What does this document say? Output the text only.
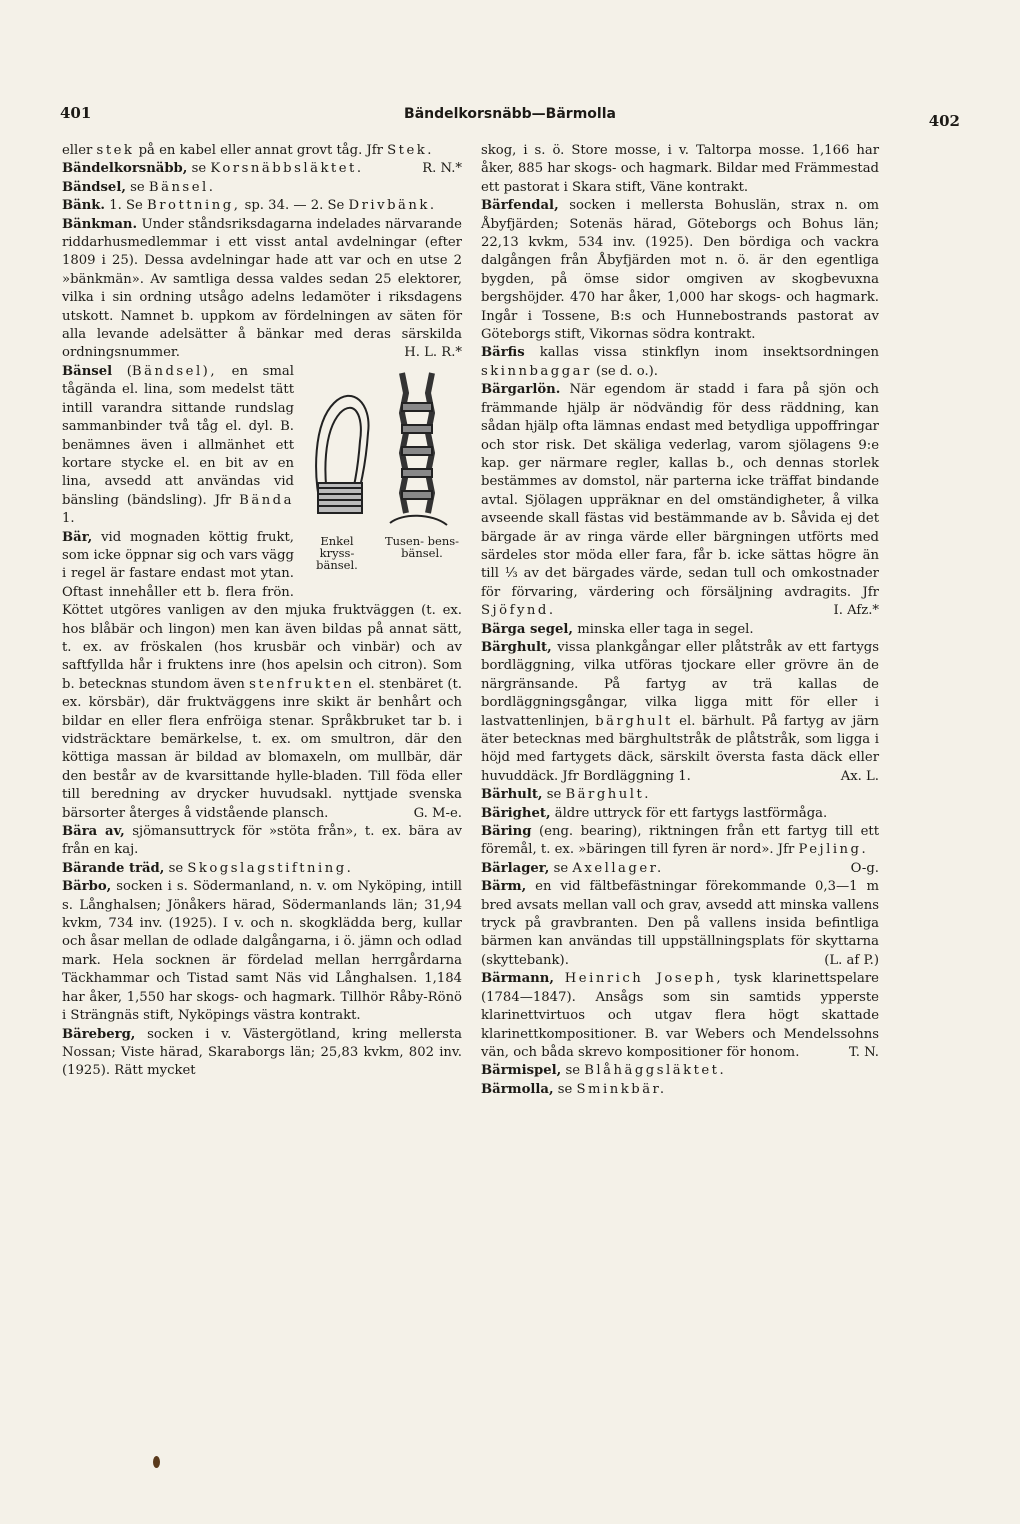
401	Bändelkorsnäbb—Bärmolla	402

eller stek på en kabel eller annat grovt tåg. Jfr Stek.
R. N.*

Bändelkorsnäbb, se Korsnäbbsläktet.

Bändsel, se Bänsel.

Bänk. 1. Se Brottning, sp. 34. — 2. Se Drivbänk.

Bänkman. Under ståndsriksdagarna indelades närvarande riddarhusmedlemmar i ett visst antal avdelningar (efter 1809 i 25). Dessa avdelningar hade att var och en utse 2 »bänkmän». Av samtliga dessa valdes sedan 25 elektorer, vilka i sin ordning utsågo adelns ledamöter i riksdagens utskott. Namnet b. uppkom av fördelningen av säten för alla levande adelsätter å bänkar med deras särskilda ordningsnummer.	H. L. R.*

Enkel kryss- bänsel.
Tusen- bens- bänsel.
Bänsel (Bändsel), en smal tågända el. lina, som medelst tätt intill varandra sittande rundslag sammanbinder två tåg el. dyl. B. benämnes även i allmänhet ett kortare stycke el. en bit av en lina, avsedd att användas vid bänsling (bändsling). Jfr Bända 1.

Bär, vid mognaden köttig frukt, som icke öppnar sig och vars vägg i regel är fastare endast mot ytan. Oftast innehåller ett b. flera frön. Köttet utgöres vanligen av den mjuka fruktväggen (t. ex. hos blåbär och lingon) men kan även bildas på annat sätt, t. ex. av fröskalen (hos krusbär och vinbär) och av saftfyllda hår i fruktens inre (hos apelsin och citron). Som b. betecknas stundom även stenfrukten el. stenbäret (t. ex. körsbär), där fruktväggens inre skikt är benhårt och bildar en eller flera enfröiga stenar. Språkbruket tar b. i vidsträcktare bemärkelse, t. ex. om smultron, där den köttiga massan är bildad av blomaxeln, om mullbär, där den består av de kvarsittande hylle-bladen. Till föda eller till beredning av drycker huvudsakl. nyttjade svenska bärsorter återges å vidstående plansch.	G. M-e.

Bära av, sjömansuttryck för »stöta från», t. ex. bära av från en kaj.

Bärande träd, se Skogslagstiftning.

Bärbo, socken i s. Södermanland, n. v. om Nyköping, intill s. Långhalsen; Jönåkers härad, Södermanlands län; 31,94 kvkm, 734 inv. (1925). I v. och n. skogklädda berg, kullar och åsar mellan de odlade dalgångarna, i ö. jämn och odlad mark. Hela socknen är fördelad mellan herrgårdarna Täckhammar och Tistad samt Näs vid Långhalsen. 1,184 har åker, 1,550 har skogs- och hagmark. Tillhör Råby-Rönö i Strängnäs stift, Nyköpings västra kontrakt.

Bäreberg, socken i v. Västergötland, kring mellersta Nossan; Viste härad, Skaraborgs län; 25,83 kvkm, 802 inv. (1925). Rätt mycket

skog, i s. ö. Store mosse, i v. Taltorpa mosse. 1,166 har åker, 885 har skogs- och hagmark. Bildar med Främmestad ett pastorat i Skara stift, Väne kontrakt.

Bärfendal, socken i mellersta Bohuslän, strax n. om Åbyfjärden; Sotenäs härad, Göteborgs och Bohus län; 22,13 kvkm, 534 inv. (1925). Den bördiga och vackra dalgången från Åbyfjärden mot n. ö. är den egentliga bygden, på ömse sidor omgiven av skogbevuxna bergshöjder. 470 har åker, 1,000 har skogs- och hagmark. Ingår i Tossene, B:s och Hunnebostrands pastorat av Göteborgs stift, Vikornas södra kontrakt.

Bärfis kallas vissa stinkflyn inom insektsordningen skinnbaggar (se d. o.).

Bärgarlön. När egendom är stadd i fara på sjön och främmande hjälp är nödvändig för dess räddning, kan sådan hjälp ofta lämnas endast med betydliga uppoffringar och stor risk. Det skäliga vederlag, varom sjölagens 9:e kap. ger närmare regler, kallas b., och dennas storlek bestämmes av domstol, när parterna icke träffat bindande avtal. Sjölagen uppräknar en del omständigheter, å vilka avseende skall fästas vid bestämmande av b. Såvida ej det bärgade är av ringa värde eller bärgningen utförts med särdeles stor möda eller fara, får b. icke sättas högre än till ⅓ av det bärgades värde, sedan tull och omkostnader för förvaring, värdering och försäljning avdragits. Jfr Sjöfynd.	I. Afz.*

Bärga segel, minska eller taga in segel.

Bärghult, vissa plankgångar eller plåtstråk av ett fartygs bordläggning, vilka utföras tjockare eller grövre än de närgränsande. På fartyg av trä kallas de bordläggningsgångar, vilka ligga mitt för eller i lastvattenlinjen, bärghult el. bärhult. På fartyg av järn äter betecknas med bärghultstråk de plåtstråk, som ligga i höjd med fartygets däck, särskilt översta fasta däck eller huvuddäck. Jfr Bordläggning 1.	Ax. L.

Bärhult, se Bärghult.

Bärighet, äldre uttryck för ett fartygs lastförmåga.

Bäring (eng. bearing), riktningen från ett fartyg till ett föremål, t. ex. »bäringen till fyren är nord». Jfr Pejling.
O-g.

Bärlager, se Axellager.

Bärm, en vid fältbefästningar förekommande 0,3—1 m bred avsats mellan vall och grav, avsedd att minska vallens tryck på gravbranten. Den på vallens insida befintliga bärmen kan användas till uppställningsplats för skyttarna (skyttebank).	(L. af P.)

Bärmann, Heinrich Joseph, tysk klarinettspelare (1784—1847). Ansågs som sin samtids ypperste klarinettvirtuos och utgav flera högt skattade klarinettkompositioner. B. var Webers och Mendelssohns vän, och båda skrevo kompositioner för honom.	T. N.

Bärmispel, se Blåhäggsläktet.

Bärmolla, se Sminkbär.
